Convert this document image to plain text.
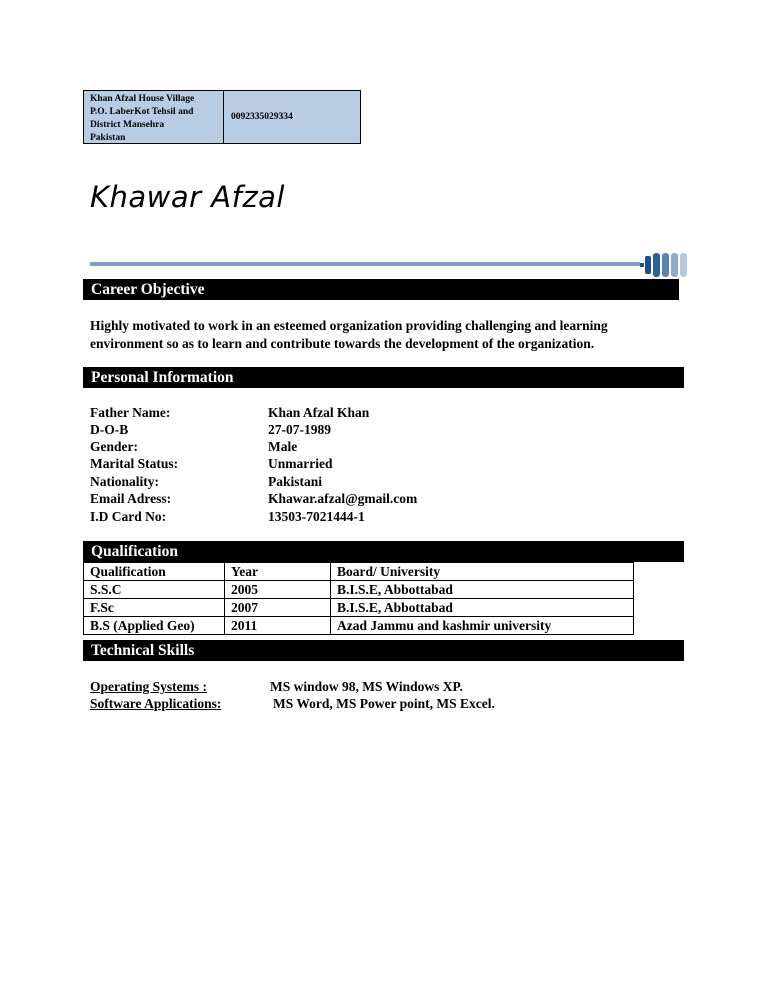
Khan Afzal House Village
P.O. LaberKot Tehsil and
District Mansehra
Pakistan
0092335029334
Khawar Afzal
Career Objective
Highly motivated to work in an esteemed organization providing challenging and learning environment so as to learn and contribute towards the development of the organization.
Personal Information
Father Name:	Khan Afzal Khan
D-O-B	27-07-1989
Gender:	Male
Marital Status:	Unmarried
Nationality:	Pakistani
Email Adress:	Khawar.afzal@gmail.com
I.D Card No:	13503-7021444-1
Qualification
Qualification	Year	Board/ University
S.S.C	2005	B.I.S.E, Abbottabad
F.Sc	2007	B.I.S.E, Abbottabad
B.S (Applied Geo)	2011	Azad Jammu and kashmir university
Technical Skills
Operating Systems :	MS window 98, MS Windows XP.
Software Applications:	MS Word, MS Power point, MS Excel.
